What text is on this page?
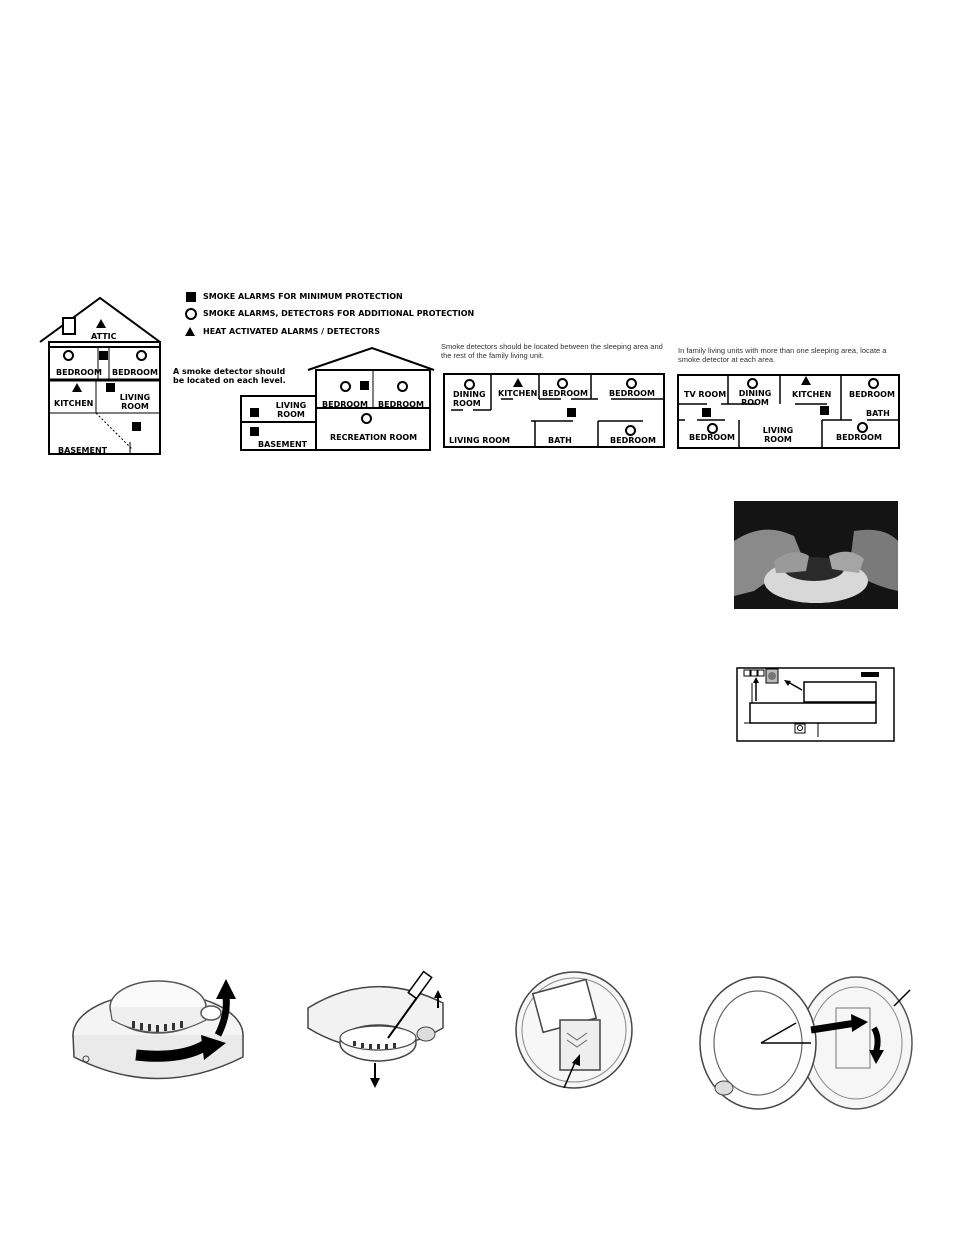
SMOKE ALARMS FOR MINIMUM PROTECTION
SMOKE ALARMS, DETECTORS FOR ADDITIONAL PROTECTION
HEAT ACTIVATED ALARMS / DETECTORS
ATTIC
BEDROOM BEDROOM
KITCHEN
LIVING ROOM
BASEMENT
A smoke detector should be located on each level.
LIVING ROOM
BASEMENT
BEDROOM BEDROOM
RECREATION ROOM
Smoke detectors should be located between the sleeping area and the rest of the family living unit.
DINING ROOM
KITCHEN BEDROOM	BEDROOM
LIVING ROOM	BATH	BEDROOM
In family living units with more than one sleeping area, locate a smoke detector at each area.
TV ROOM DINING ROOM
KITCHEN BEDROOM
BATH
BEDROOM
LIVING ROOM	BEDROOM
